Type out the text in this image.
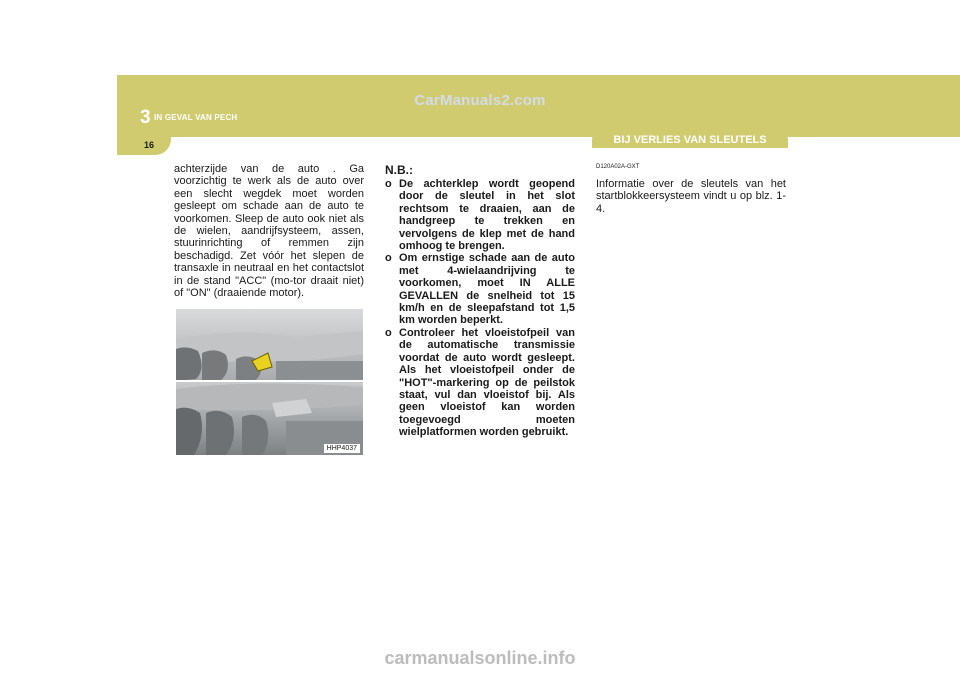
3 IN GEVAL VAN PECH
16
CarManuals2.com
BIJ VERLIES VAN SLEUTELS
achterzijde van de auto . Ga voorzichtig te werk als de auto over een slecht wegdek moet worden gesleept om schade aan de auto te voorkomen. Sleep de auto ook niet als de wielen, aandrijfsysteem, assen, stuurinrichting of remmen zijn beschadigd. Zet vóór het slepen de transaxle in neutraal en het contactslot in de stand "ACC" (mo-tor draait niet) of "ON" (draaiende motor).
HHP4037
N.B.:
o De achterklep wordt geopend door de sleutel in het slot rechtsom te draaien, aan de handgreep te trekken en vervolgens de klep met de hand omhoog te brengen.
o Om ernstige schade aan de auto met 4-wielaandrijving te voorkomen, moet IN ALLE GEVALLEN de snelheid tot 15 km/h en de sleepafstand tot 1,5 km worden beperkt.
o Controleer het vloeistofpeil van de automatische transmissie voordat de auto wordt gesleept. Als het vloeistofpeil onder de "HOT"-markering op de peilstok staat, vul dan vloeistof bij. Als geen vloeistof kan worden toegevoegd moeten wielplatformen worden gebruikt.
D120A02A-GXT
Informatie over de sleutels van het startblokkeersysteem vindt u op blz. 1-4.
carmanualsonline.info
